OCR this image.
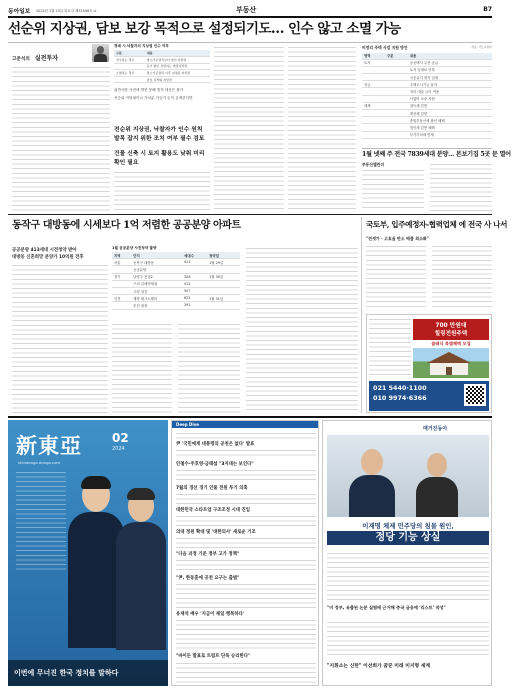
동아일보 2024년 1월 23일 화요일 제31546호 ④	부동산	B7
선순위 지상권, 담보 보강 목적으로 설정되기도… 인수 않고 소멸 가능
고준석의 실전투자
경매 시 낙찰자의 지상권 인수 여부
구분	내용
인수하는 경우	말소기준권리보다 앞선 지상권
	등기 없이 성립하는 법정지상권
소멸하는 경우	말소기준권리 이후 설정된 지상권
	담보 목적의 지상권
위반사항 사전에 발견 못해 법적 대응은 불가
선순위 저당권이나 가처분 가등기 등이 존재한다면
전순위 지상권, 낙찰자가 인수 원칙 발목 잡지 위한 조치 여부 필수 검토
건물 신축 시 토지 활용도 낮춰 미리 확인 필요
비영리 주택 사업 지원 방안	자료: 국토교통부
영역	구분	내용
토지		공공택지 우선 공급
		토지 임대료 인하
		국공유지 장기 임대
자금		주택도시기금 융자
		저리 대출 금리 적용
		사업비 보증 지원
세제		취득세 감면
		재산세 감면
		종합부동산세 합산 배제
		법인세 감면 혜택
		부가가치세 면제
1월 넷째 주 전국 7839세대 분양… 본보기집 5곳 문 열어
부동산캘린더
동작구 대방동에 시세보다 1억 저렴한 공공분양 아파트
공공분양 413세대 시전청약 받아
대방동 신혼희망 분양가 10억원 전후
1월 공공분양 사전청약 물량
지역	단지	세대수	청약일
서울	동작구 대방동	413	1월 29일
	공공분양		
경기	남양주 진접2	328	1월 30일
	구리 갈매역세권	412	
	고양 창릉	507	
인천	계양 테크노밸리	622	1월 31일
	부천 대장	391	
국토부, 입주예정자-협력업체 에 전국 사 나서
"전셋가 · 고효율 탄소 배출 최소화"
700 만원대
힐링전원주택
클래식 특별혜택 모집
021 5440·1100
010 9974·6366
新東亞	02
2024
shindonga.donga.com
이번에 무너진 한국 정치를 말하다
Deep Dive
尹 '국민에게 대통령의 공천은 없다' 발표
안철수·주호영·금태섭 "3지대는 보인다"
7월의 경선 경기 인물 전원 투기 의혹
대한민국 스타트업 구조조정 시대 진입
의대 정원 확대 및 '대한의사' 새로운 기조
"다음 과정 기준 정부 고가 정책"
"尹, 한동훈에 공천 요구는 출범"
유재석 배우 '지금이 제일 행복하다'
"바이든 발표로 트럼프 단독 승리한다"
매거진동아
이재명 체제 민주당의 침몰 원인,
정당 기능 상실
"미 정부, 유출된 논문 실험에 근거해 중국 금융에 '리스트' 작성"
"지휘소는 신탄" 이선희가 꿈꾼 미래 미지형 세계
